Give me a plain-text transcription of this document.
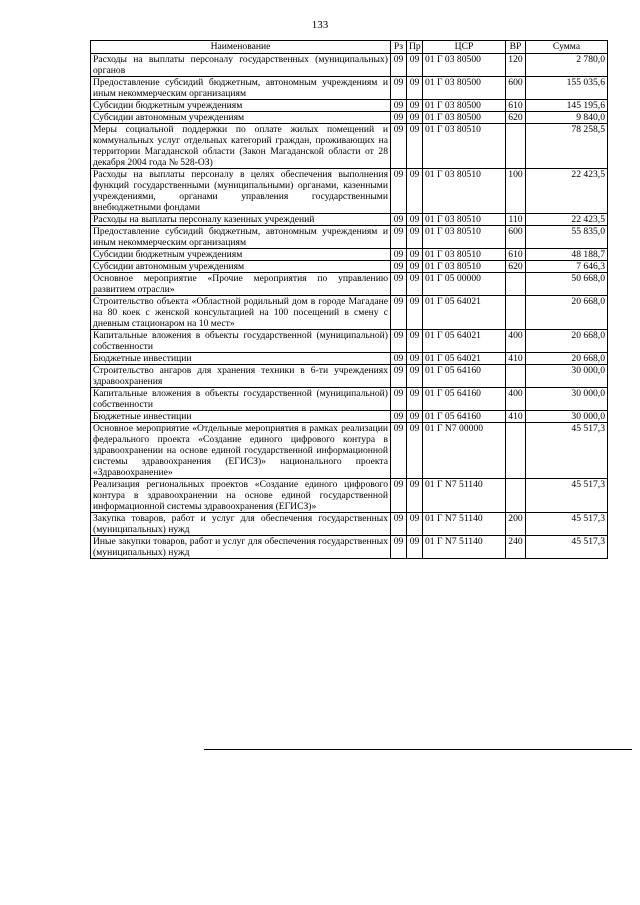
133
Наименование	Рз	Пр	ЦСР	ВР	Сумма
Расходы на выплаты персоналу государственных (муниципальных) органов	09	09	01 Г 03 80500	120	2 780,0
Предоставление субсидий бюджетным, автономным учреждениям и иным некоммерческим организациям	09	09	01 Г 03 80500	600	155 035,6
Субсидии бюджетным учреждениям	09	09	01 Г 03 80500	610	145 195,6
Субсидии автономным учреждениям	09	09	01 Г 03 80500	620	9 840,0
Меры социальной поддержки по оплате жилых помещений и коммунальных услуг отдельных категорий граждан, проживающих на территории Магаданской области (Закон Магаданской области от 28 декабря 2004 года № 528-ОЗ)	09	09	01 Г 03 80510		78 258,5
Расходы на выплаты персоналу в целях обеспечения выполнения функций государственными (муниципальными) органами, казенными учреждениями, органами управления государственными внебюджетными фондами	09	09	01 Г 03 80510	100	22 423,5
Расходы на выплаты персоналу казенных учреждений	09	09	01 Г 03 80510	110	22 423,5
Предоставление субсидий бюджетным, автономным учреждениям и иным некоммерческим организациям	09	09	01 Г 03 80510	600	55 835,0
Субсидии бюджетным учреждениям	09	09	01 Г 03 80510	610	48 188,7
Субсидии автономным учреждениям	09	09	01 Г 03 80510	620	7 646,3
Основное мероприятие «Прочие мероприятия по управлению развитием отрасли»	09	09	01 Г 05 00000		50 668,0
Строительство объекта «Областной родильный дом в городе Магадане на 80 коек с женской консультацией на 100 посещений в смену с дневным стационаром на 10 мест»	09	09	01 Г 05 64021		20 668,0
Капитальные вложения в объекты государственной (муниципальной) собственности	09	09	01 Г 05 64021	400	20 668,0
Бюджетные инвестиции	09	09	01 Г 05 64021	410	20 668,0
Строительство ангаров для хранения техники в 6-ти учреждениях здравоохранения	09	09	01 Г 05 64160		30 000,0
Капитальные вложения в объекты государственной (муниципальной) собственности	09	09	01 Г 05 64160	400	30 000,0
Бюджетные инвестиции	09	09	01 Г 05 64160	410	30 000,0
Основное мероприятие «Отдельные мероприятия в рамках реализации федерального проекта «Создание единого цифрового контура в здравоохранении на основе единой государственной информационной системы здравоохранения (ЕГИСЗ)» национального проекта «Здравоохранение»	09	09	01 Г N7 00000		45 517,3
Реализация региональных проектов «Создание единого цифрового контура в здравоохранении на основе единой государственной информационной системы здравоохранения (ЕГИСЗ)»	09	09	01 Г N7 51140		45 517,3
Закупка товаров, работ и услуг для обеспечения государственных (муниципальных) нужд	09	09	01 Г N7 51140	200	45 517,3
Иные закупки товаров, работ и услуг для обеспечения государственных (муниципальных) нужд	09	09	01 Г N7 51140	240	45 517,3
